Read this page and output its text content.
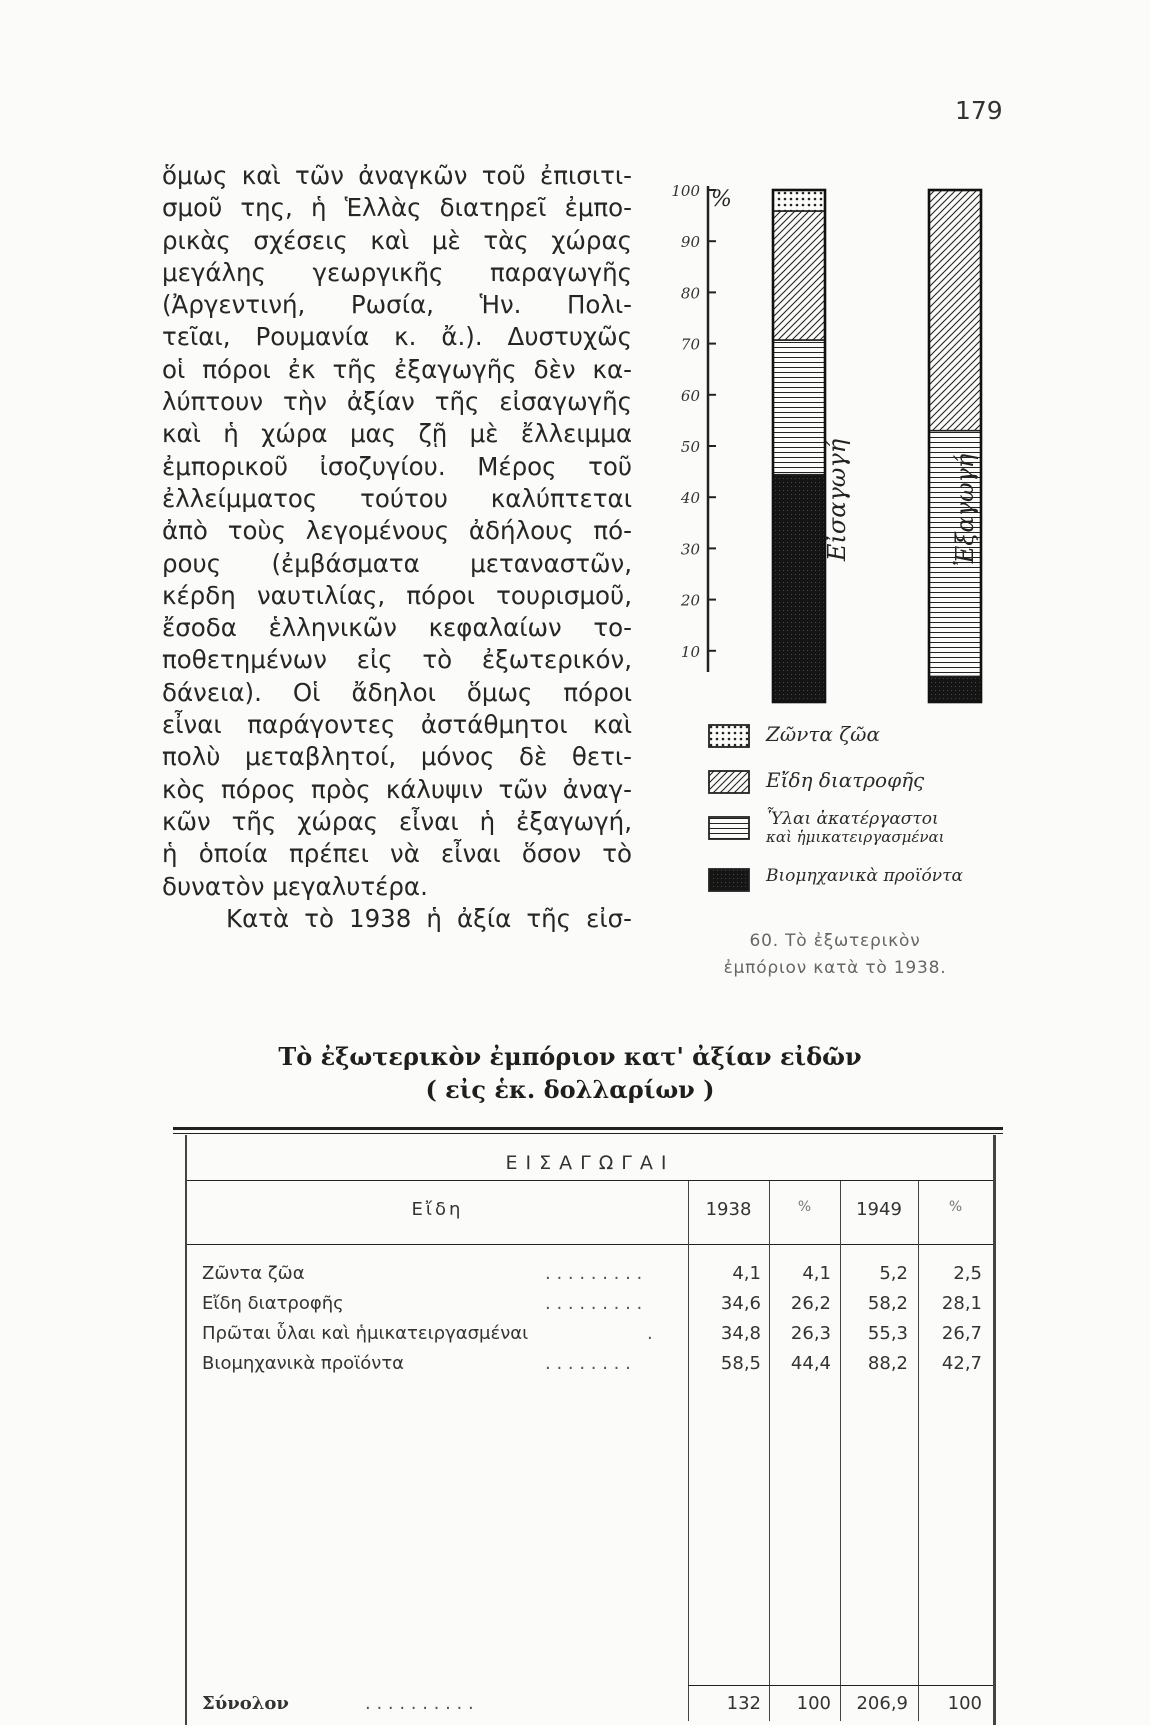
179
ὅμως καὶ τῶν ἀναγκῶν τοῦ ἐπισιτι-
σμοῦ της, ἡ Ἑλλὰς διατηρεῖ ἐμπο-
ρικὰς σχέσεις καὶ μὲ τὰς χώρας
μεγάλης γεωργικῆς παραγωγῆς
(Ἀργεντινή, Ρωσία, Ἡν. Πολι-
τεῖαι, Ρουμανία κ. ἄ.). Δυστυχῶς
οἱ πόροι ἐκ τῆς ἐξαγωγῆς δὲν κα-
λύπτουν τὴν ἀξίαν τῆς εἰσαγωγῆς
καὶ ἡ χώρα μας ζῇ μὲ ἔλλειμμα
ἐμπορικοῦ ἰσοζυγίου. Μέρος τοῦ
ἐλλείμματος τούτου καλύπτεται
ἀπὸ τοὺς λεγομένους ἀδήλους πό-
ρους (ἐμβάσματα μεταναστῶν,
κέρδη ναυτιλίας, πόροι τουρισμοῦ,
ἔσοδα ἑλληνικῶν κεφαλαίων το-
ποθετημένων εἰς τὸ ἐξωτερικόν,
δάνεια). Οἱ ἄδηλοι ὅμως πόροι
εἶναι παράγοντες ἀστάθμητοι καὶ
πολὺ μεταβλητοί, μόνος δὲ θετι-
κὸς πόρος πρὸς κάλυψιν τῶν ἀναγ-
κῶν τῆς χώρας εἶναι ἡ ἐξαγωγή,
ἡ ὁποία πρέπει νὰ εἶναι ὅσον τὸ
δυνατὸν μεγαλυτέρα.
Κατὰ τὸ 1938 ἡ ἀξία τῆς εἰσ-
100
90
80
70
60
50
40
30
20
10
%
Εἰσαγωγή	Ἐξαγωγή
Ζῶντα ζῶα
Εἴδη διατροφῆς
Ὗλαι ἀκατέργαστοι
καὶ ἡμικατειργασμέναι
Βιομηχανικὰ προϊόντα
60. Τὸ ἐξωτερικὸν
ἐμπόριον κατὰ τὸ 1938.
Τὸ ἐξωτερικὸν ἐμπόριον κατ' ἀξίαν εἰδῶν
( εἰς ἑκ. δολλαρίων )
ΕΙΣΑΓΩΓΑΙ
Εἴδη	1938	%	1949	%
Ζῶντα ζῶα	. . . . . . . . .	4,1	4,1	5,2	2,5
Εἴδη διατροφῆς	. . . . . . . . .	34,6	26,2	58,2	28,1
Πρῶται ὗλαι καὶ ἡμικατειργασμέναι	.	34,8	26,3	55,3	26,7
Βιομηχανικὰ προϊόντα	. . . . . . . .	58,5	44,4	88,2	42,7
Σύνολον	. . . . . . . . . .	132	100	206,9	100
